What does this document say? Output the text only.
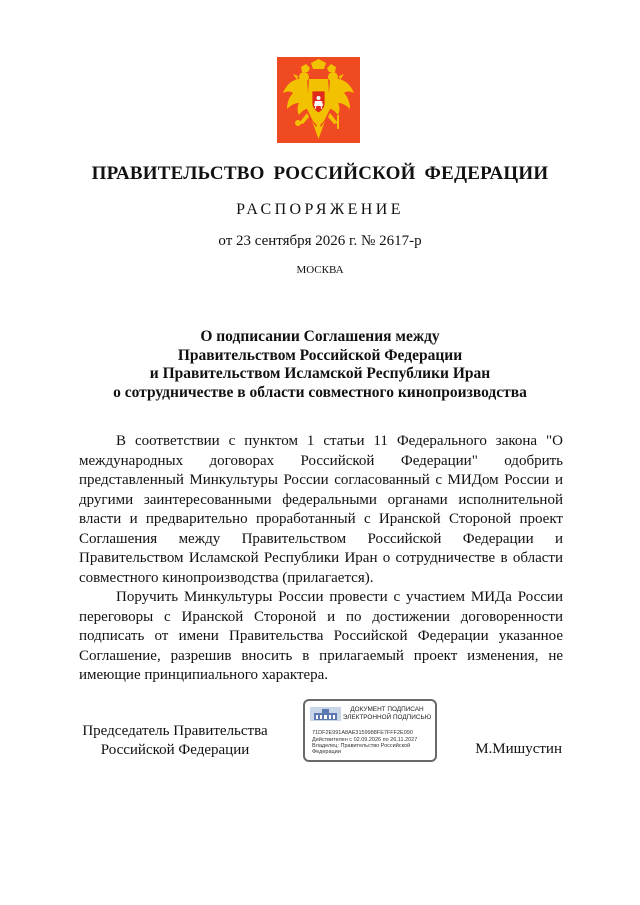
ПРАВИТЕЛЬСТВО РОССИЙСКОЙ ФЕДЕРАЦИИ
РАСПОРЯЖЕНИЕ
от 23 сентября 2026 г. № 2617-р
МОСКВА
О подписании Соглашения между
Правительством Российской Федерации
и Правительством Исламской Республики Иран
о сотрудничестве в области совместного кинопроизводства

В соответствии с пунктом 1 статьи 11 Федерального закона "О международных договорах Российской Федерации" одобрить представленный Минкультуры России согласованный с МИДом России и другими заинтересованными федеральными органами исполнительной власти и предварительно проработанный с Иранской Стороной проект Соглашения между Правительством Российской Федерации и Правительством Исламской Республики Иран о сотрудничестве в области совместного кинопроизводства (прилагается).

Поручить Минкультуры России провести с участием МИДа России переговоры с Иранской Стороной и по достижении договоренности подписать от имени Правительства Российской Федерации указанное Соглашение, разрешив вносить в прилагаемый проект изменения, не имеющие принципиального характера.

Председатель Правительства
Российской Федерации	М.Мишустин
ДОКУМЕНТ ПОДПИСАН
ЭЛЕКТРОННОЙ ПОДПИСЬЮ
71DF2E991A8AE3159988FE7FFF2E090
Действителен с 02.09.2026 по 26.11.2027
Владелец: Правительство Российской
Федерации
